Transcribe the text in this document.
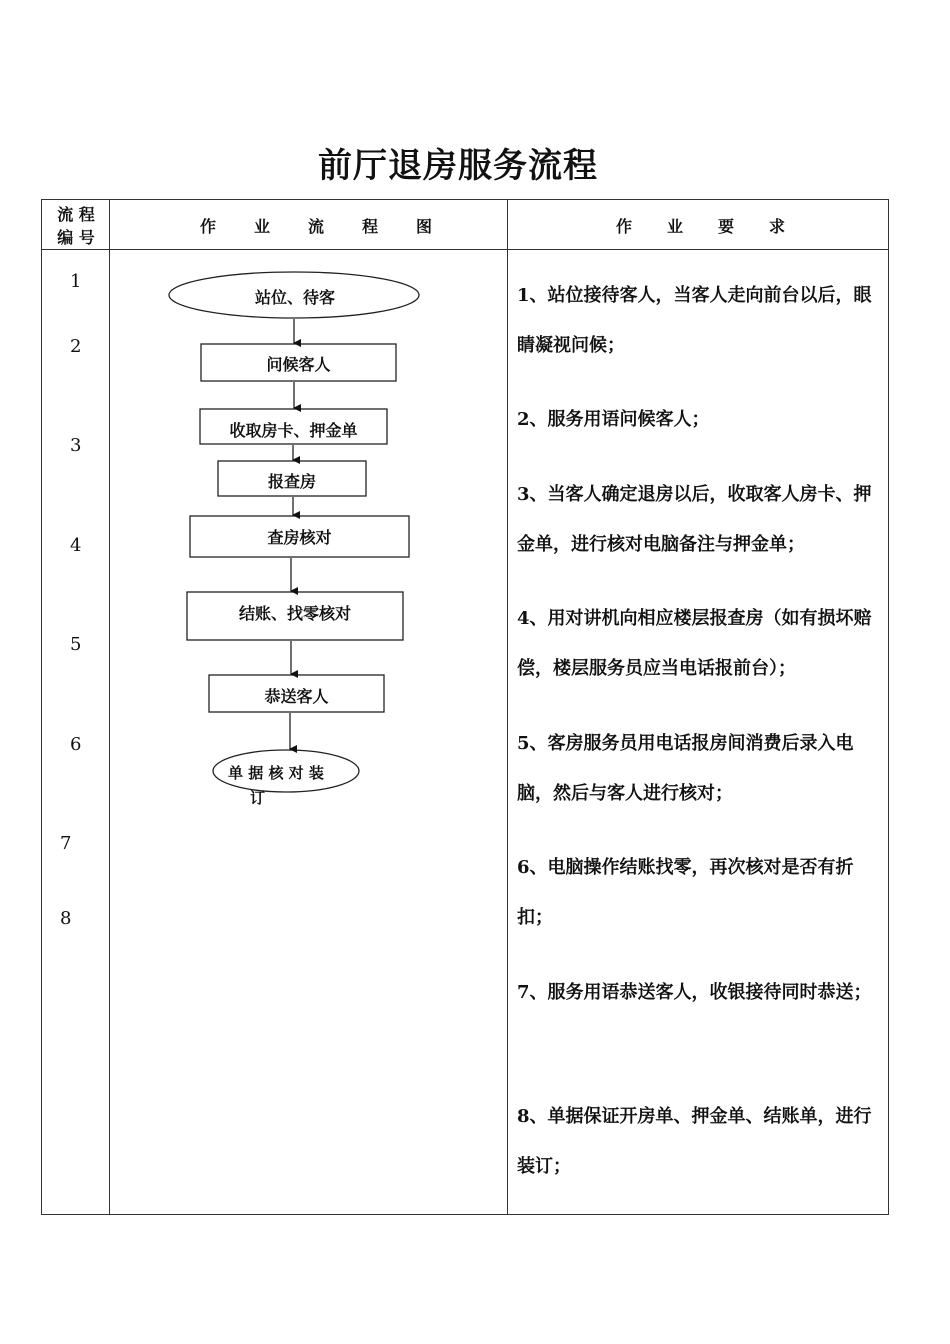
前厅退房服务流程
流 程
编 号
作业流程图	作业要求
1
2
3
4
5
6
7
8
站位、待客
问候客人
收取房卡、押金单
报查房
查房核对
结账、找零核对
恭送客人
单 据 核 对 装
订
1、站位接待客人，当客人走向前台以后，眼睛凝视问候；
2、服务用语问候客人；
3、当客人确定退房以后，收取客人房卡、押金单，进行核对电脑备注与押金单；
4、用对讲机向相应楼层报查房（如有损坏赔偿，楼层服务员应当电话报前台）；
5、客房服务员用电话报房间消费后录入电脑，然后与客人进行核对；
6、电脑操作结账找零，再次核对是否有折扣；
7、服务用语恭送客人，收银接待同时恭送；
8、单据保证开房单、押金单、结账单，进行装订；
